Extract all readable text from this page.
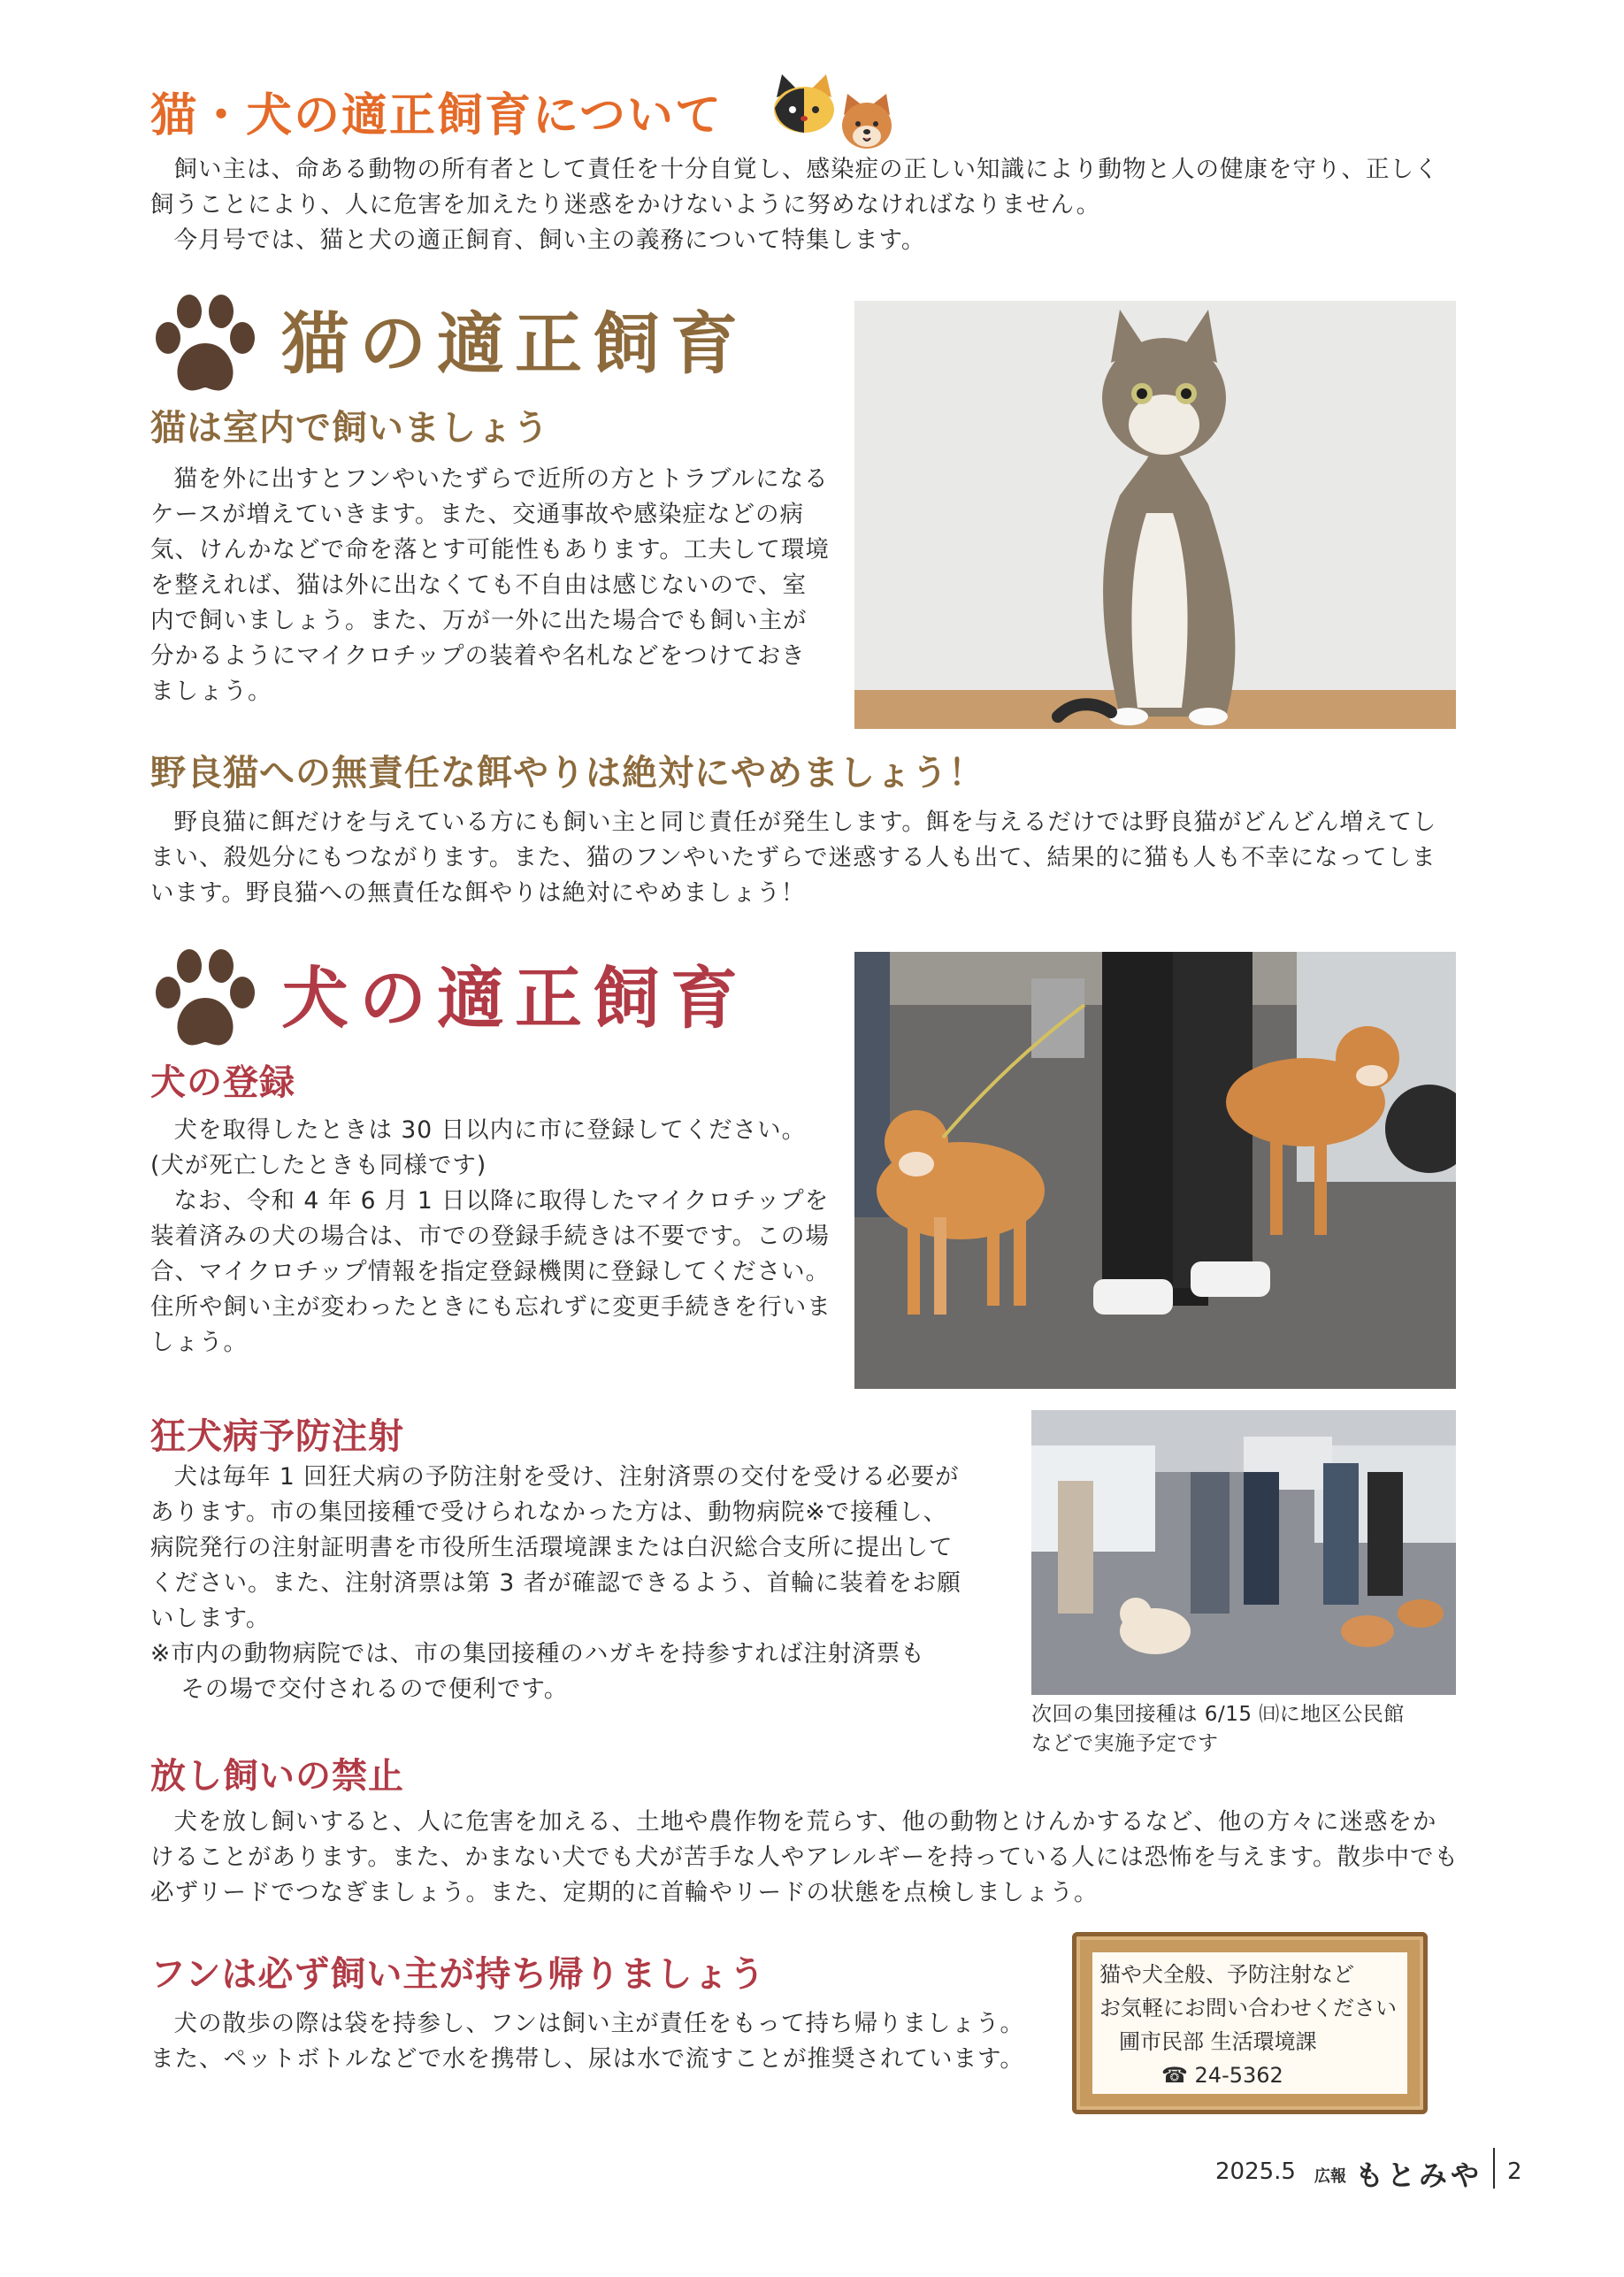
猫・犬の適正飼育について

飼い主は、命ある動物の所有者として責任を十分自覚し、感染症の正しい知識により動物と人の健康を守り、正しく飼うことにより、人に危害を加えたり迷惑をかけないように努めなければなりません。

今月号では、猫と犬の適正飼育、飼い主の義務について特集します。

猫の適正飼育
猫は室内で飼いましょう

猫を外に出すとフンやいたずらで近所の方とトラブルになるケースが増えていきます。また、交通事故や感染症などの病気、けんかなどで命を落とす可能性もあります。工夫して環境を整えれば、猫は外に出なくても不自由は感じないので、室内で飼いましょう。また、万が一外に出た場合でも飼い主が分かるようにマイクロチップの装着や名札などをつけておきましょう。

野良猫への無責任な餌やりは絶対にやめましょう！

野良猫に餌だけを与えている方にも飼い主と同じ責任が発生します。餌を与えるだけでは野良猫がどんどん増えてしまい、殺処分にもつながります。また、猫のフンやいたずらで迷惑する人も出て、結果的に猫も人も不幸になってしまいます。野良猫への無責任な餌やりは絶対にやめましょう！

犬の適正飼育
犬の登録

犬を取得したときは 30 日以内に市に登録してください。

(犬が死亡したときも同様です)

なお、令和 4 年 6 月 1 日以降に取得したマイクロチップを装着済みの犬の場合は、市での登録手続きは不要です。この場合、マイクロチップ情報を指定登録機関に登録してください。住所や飼い主が変わったときにも忘れずに変更手続きを行いましょう。

狂犬病予防注射

犬は毎年 1 回狂犬病の予防注射を受け、注射済票の交付を受ける必要があります。市の集団接種で受けられなかった方は、動物病院※で接種し、病院発行の注射証明書を市役所生活環境課または白沢総合支所に提出してください。また、注射済票は第 3 者が確認できるよう、首輪に装着をお願いします。

※市内の動物病院では、市の集団接種のハガキを持参すれば注射済票も
その場で交付されるので便利です。
次回の集団接種は 6/15 ㈰に地区公民館
などで実施予定です
放し飼いの禁止

犬を放し飼いすると、人に危害を加える、土地や農作物を荒らす、他の動物とけんかするなど、他の方々に迷惑をかけることがあります。また、かまない犬でも犬が苦手な人やアレルギーを持っている人には恐怖を与えます。散歩中でも必ずリードでつなぎましょう。また、定期的に首輪やリードの状態を点検しましょう。

フンは必ず飼い主が持ち帰りましょう

犬の散歩の際は袋を持参し、フンは飼い主が責任をもって持ち帰りましょう。また、ペットボトルなどで水を携帯し、尿は水で流すことが推奨されています。

猫や犬全般、予防注射など
お気軽にお問い合わせください
圃市民部 生活環境課
☎ 24-5362
2025.5 広報 もとみや 2
